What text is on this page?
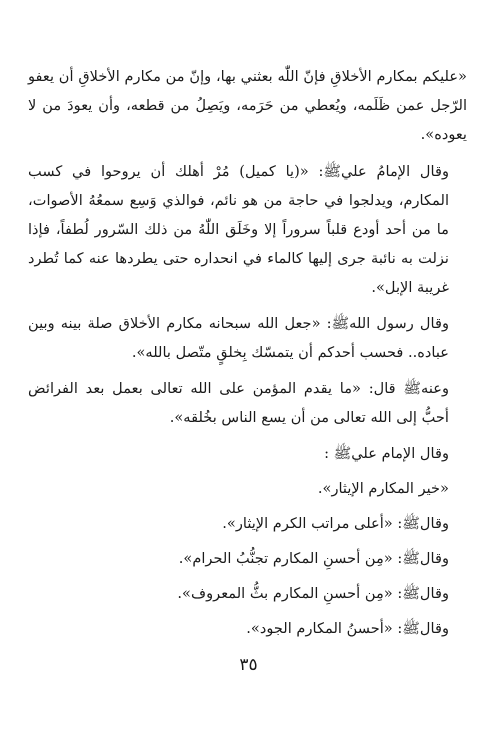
«عليكم بمكارم الأخلاقِ فإنّ اللّٰه بعثني بها، وإنّ من مكارم الأخلاقِ أن يعفو الرّجل عمن ظَلَمه، ويُعطي من حَرَمه، ويَصِلُ من قطعه، وأن يعودَ من لا يعوده».

وقال الإمامُ عليﷺ: «(يا كميل) مُرْ أهلك أن يروحوا في كسب المكارم، ويدلجوا في حاجة من هو نائم، فوالذي وَسِع سمعُهُ الأصوات، ما من أحد أودع قلباً سروراً إلا وخَلَق اللّٰهُ من ذلك السّرور لُطفاً، فإذا نزلت به نائبة جرى إليها كالماء في انحداره حتى يطردها عنه كما تُطرد غريبة الإبل».

وقال رسول اللهﷺ: «جعل الله سبحانه مكارم الأخلاق صلة بينه وبين عباده.. فحسب أحدكم أن يتمسّك بِخلقٍ متّصل بالله».

وعنهﷺ قال: «ما يقدم المؤمن على الله تعالى بعمل بعد الفرائض أحبُّ إلى الله تعالى من أن يسع الناس بخُلقه».

وقال الإمام عليﷺ :

«خير المكارم الإيثار».

وقالﷺ: «أعلى مراتب الكرم الإيثار».

وقالﷺ: «مِن أحسنِ المكارم تجنُّبُ الحرام».

وقالﷺ: «مِن أحسنِ المكارم بثُّ المعروف».

وقالﷺ: «أحسنُ المكارم الجود».

٣٥
